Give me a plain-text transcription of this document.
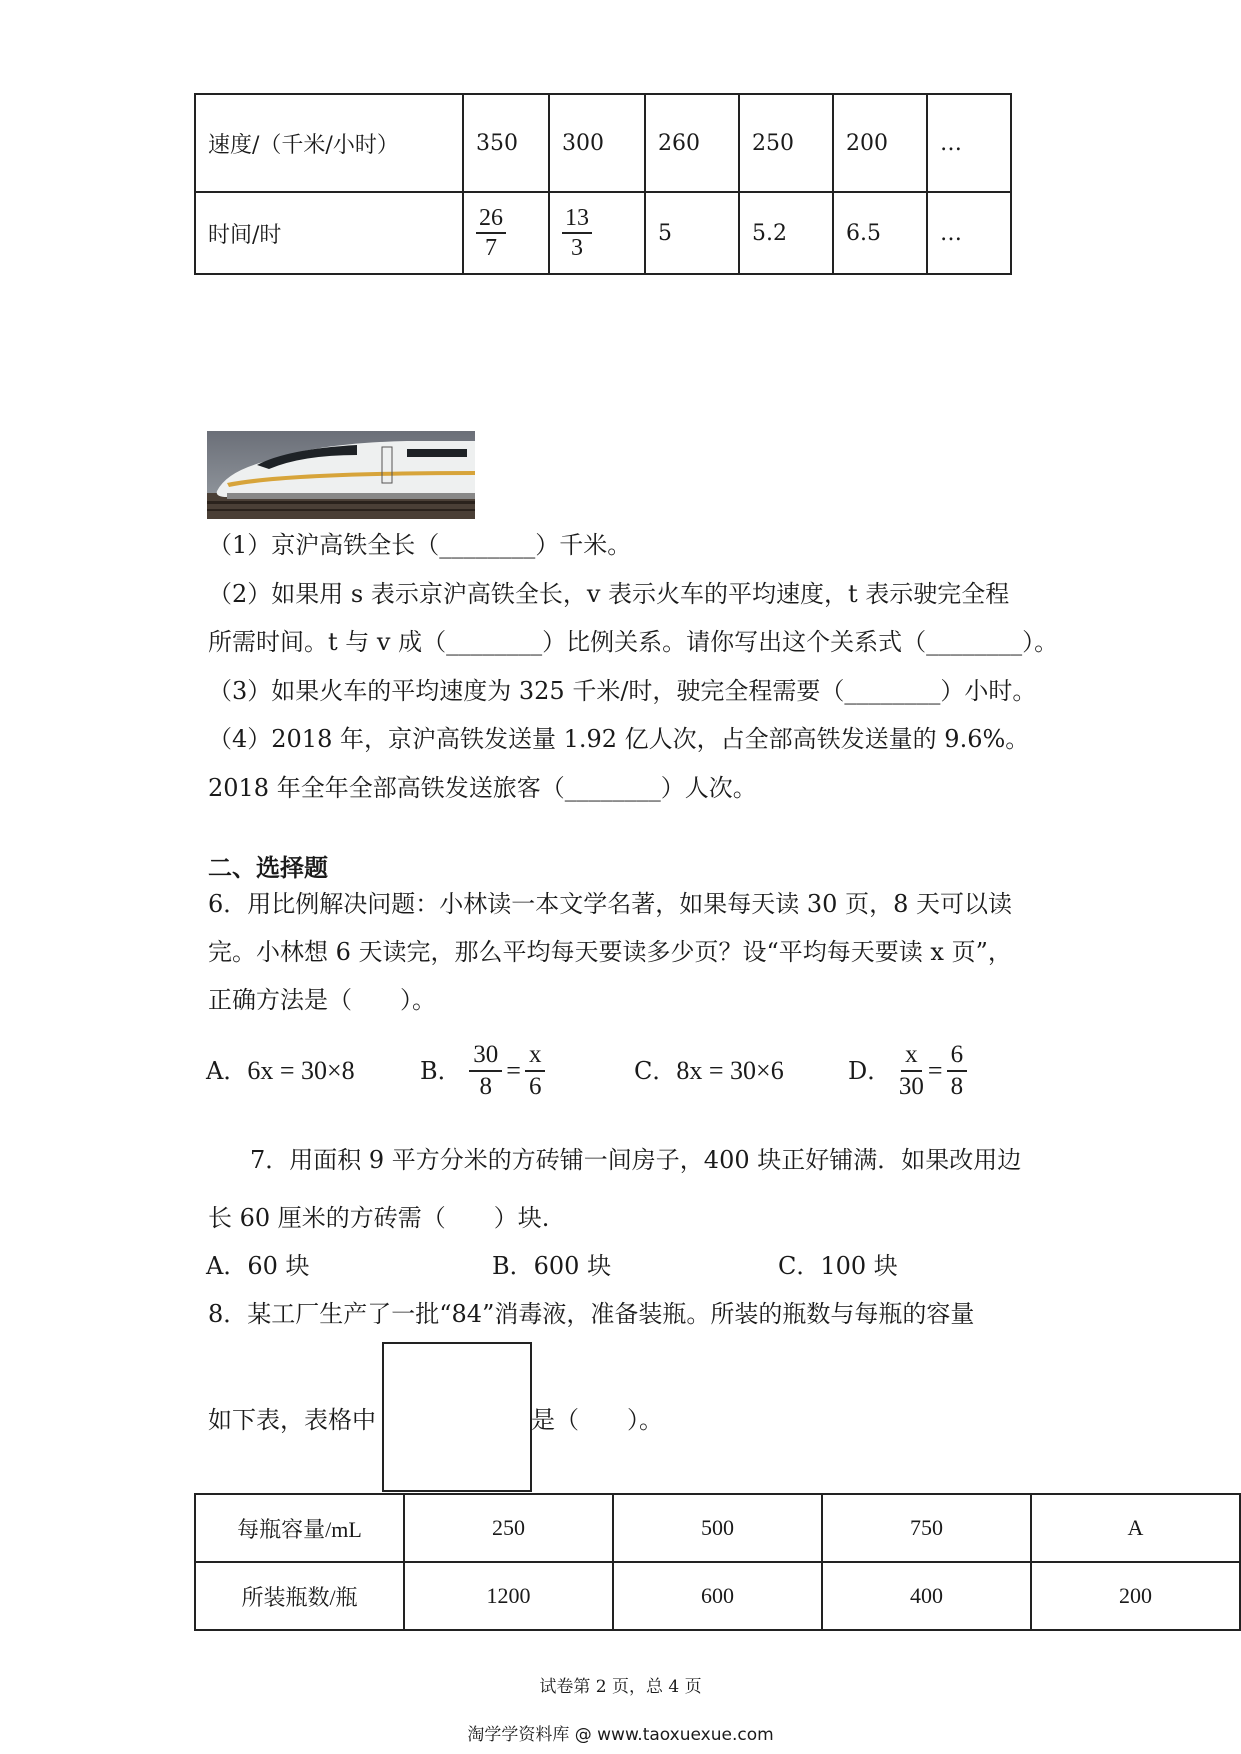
速度/（千米/小时）	350	300	260	250	200	…
时间/时	$\frac{26}{7}$	$\frac{13}{3}$	5	5.2	6.5	…
（1）京沪高铁全长（________）千米。
（2）如果用 s 表示京沪高铁全长，v 表示火车的平均速度，t 表示驶完全程
所需时间。t 与 v 成（________）比例关系。请你写出这个关系式（________）。
（3）如果火车的平均速度为 325 千米/时，驶完全程需要（________）小时。
（4）2018 年，京沪高铁发送量 1.92 亿人次，占全部高铁发送量的 9.6%。
2018 年全年全部高铁发送旅客（________）人次。
二、选择题
6．用比例解决问题：小林读一本文学名著，如果每天读 30 页，8 天可以读
完。小林想 6 天读完，那么平均每天要读多少页？设“平均每天要读 x 页”，
正确方法是（　　）。
A．6x = 30×8	B． $\frac{30}{8} = \frac{x}{6}$	C．8x = 30×6	D． $\frac{x}{30} = \frac{6}{8}$
7．用面积 9 平方分米的方砖铺一间房子，400 块正好铺满．如果改用边
长 60 厘米的方砖需（　　）块.
A．60 块	B．600 块	C．100 块
8．某工厂生产了一批“84”消毒液，准备装瓶。所装的瓶数与每瓶的容量
如下表，表格中	是（　　）。
每瓶容量/mL	250	500	750	A
所装瓶数/瓶	1200	600	400	200
试卷第 2 页，总 4 页
淘学学资料库 @ www.taoxuexue.com
